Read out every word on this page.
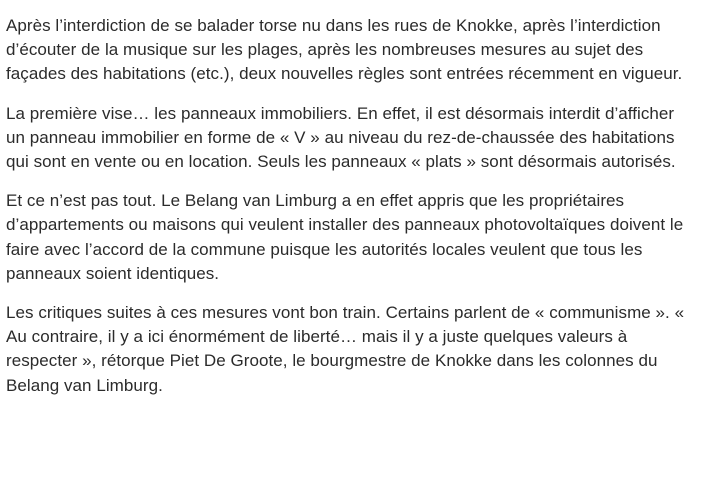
Après l’interdiction de se balader torse nu dans les rues de Knokke, après l’interdiction d’écouter de la musique sur les plages, après les nombreuses mesures au sujet des façades des habitations (etc.), deux nouvelles règles sont entrées récemment en vigueur.

La première vise… les panneaux immobiliers. En effet, il est désormais interdit d’afficher un panneau immobilier en forme de « V » au niveau du rez-de-chaussée des habitations qui sont en vente ou en location. Seuls les panneaux « plats » sont désormais autorisés.

Et ce n’est pas tout. Le Belang van Limburg a en effet appris que les propriétaires d’appartements ou maisons qui veulent installer des panneaux photovoltaïques doivent le faire avec l’accord de la commune puisque les autorités locales veulent que tous les panneaux soient identiques.

Les critiques suites à ces mesures vont bon train. Certains parlent de « communisme ». « Au contraire, il y a ici énormément de liberté… mais il y a juste quelques valeurs à respecter », rétorque Piet De Groote, le bourgmestre de Knokke dans les colonnes du Belang van Limburg.
